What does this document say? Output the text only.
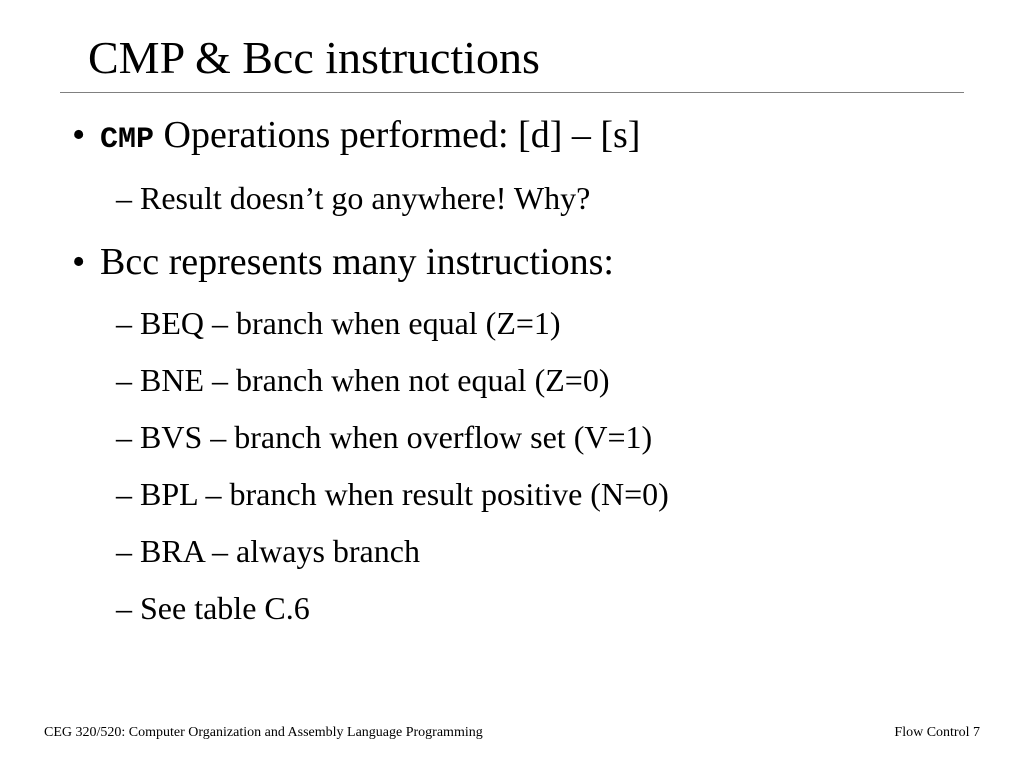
CMP & Bcc instructions
• CMP Operations performed: [d] – [s]
– Result doesn’t go anywhere! Why?
• Bcc represents many instructions:
– BEQ – branch when equal (Z=1)
– BNE – branch when not equal (Z=0)
– BVS – branch when overflow set (V=1)
– BPL – branch when result positive (N=0)
– BRA – always branch
– See table C.6
CEG 320/520: Computer Organization and Assembly Language Programming	Flow Control 7
